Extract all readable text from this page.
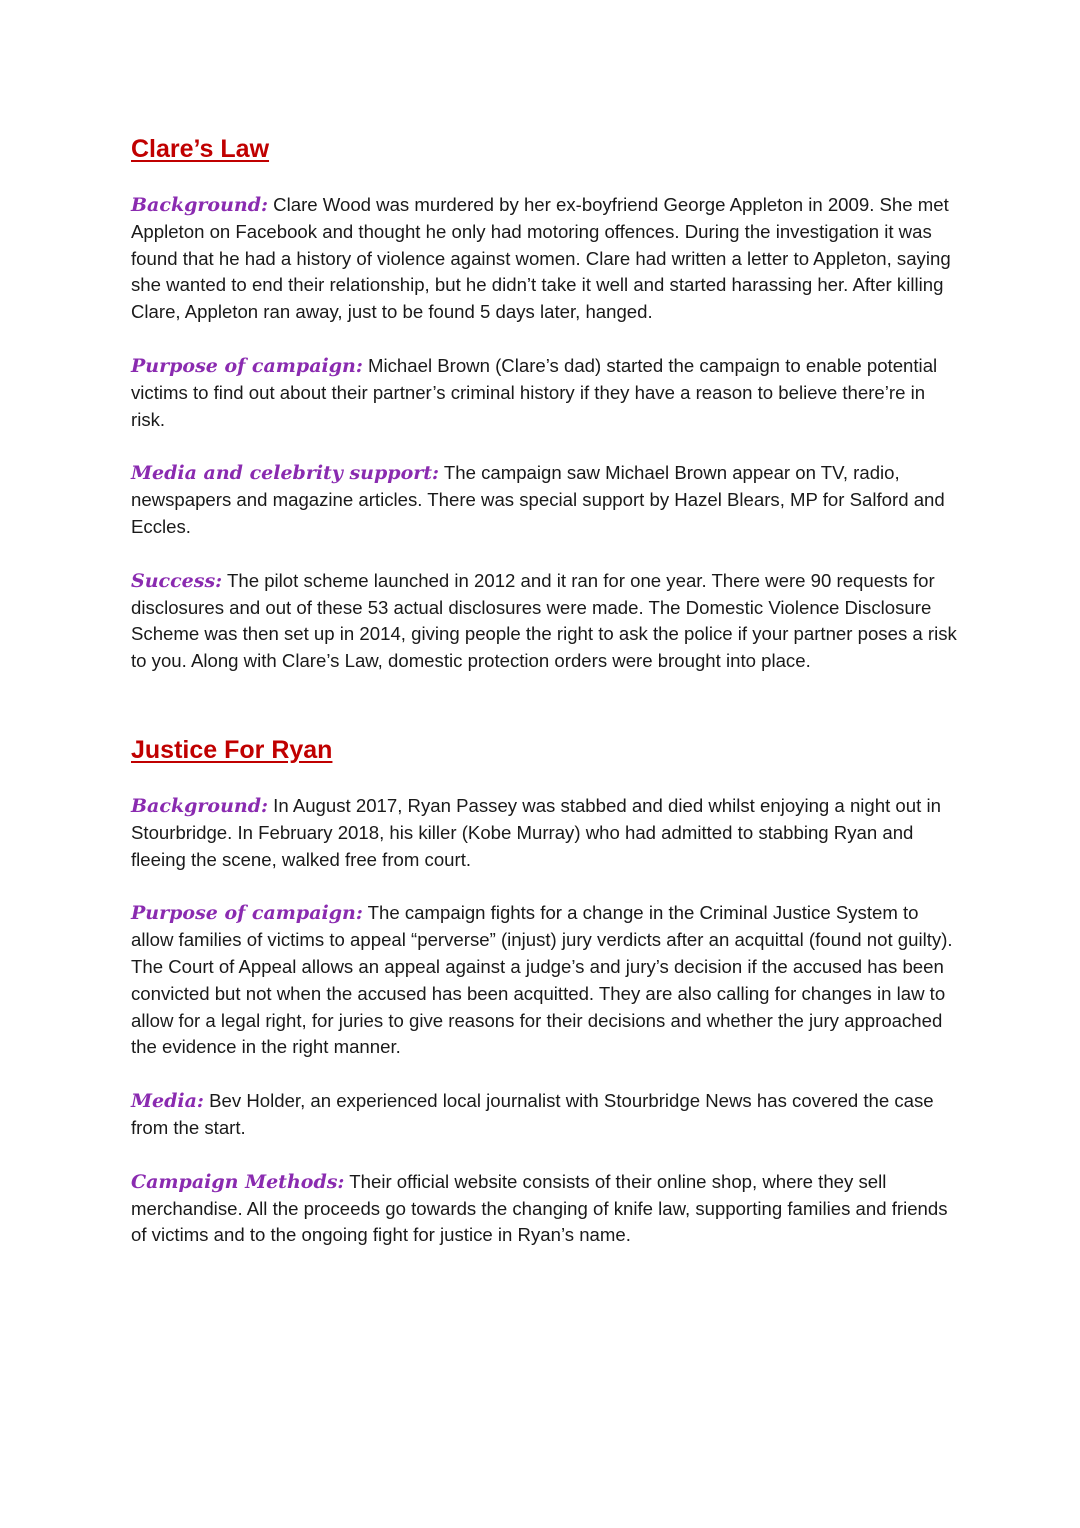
Clare’s Law

Background: Clare Wood was murdered by her ex-boyfriend George Appleton in 2009. She met Appleton on Facebook and thought he only had motoring offences. During the investigation it was found that he had a history of violence against women. Clare had written a letter to Appleton, saying she wanted to end their relationship, but he didn’t take it well and started harassing her. After killing Clare, Appleton ran away, just to be found 5 days later, hanged.

Purpose of campaign: Michael Brown (Clare’s dad) started the campaign to enable potential victims to find out about their partner’s criminal history if they have a reason to believe there’re in risk.

Media and celebrity support: The campaign saw Michael Brown appear on TV, radio, newspapers and magazine articles. There was special support by Hazel Blears, MP for Salford and Eccles.

Success: The pilot scheme launched in 2012 and it ran for one year. There were 90 requests for disclosures and out of these 53 actual disclosures were made. The Domestic Violence Disclosure Scheme was then set up in 2014, giving people the right to ask the police if your partner poses a risk to you. Along with Clare’s Law, domestic protection orders were brought into place.

Justice For Ryan

Background: In August 2017, Ryan Passey was stabbed and died whilst enjoying a night out in Stourbridge. In February 2018, his killer (Kobe Murray) who had admitted to stabbing Ryan and fleeing the scene, walked free from court.

Purpose of campaign: The campaign fights for a change in the Criminal Justice System to allow families of victims to appeal “perverse” (injust) jury verdicts after an acquittal (found not guilty). The Court of Appeal allows an appeal against a judge’s and jury’s decision if the accused has been convicted but not when the accused has been acquitted. They are also calling for changes in law to allow for a legal right, for juries to give reasons for their decisions and whether the jury approached the evidence in the right manner.

Media: Bev Holder, an experienced local journalist with Stourbridge News has covered the case from the start.

Campaign Methods: Their official website consists of their online shop, where they sell merchandise. All the proceeds go towards the changing of knife law, supporting families and friends of victims and to the ongoing fight for justice in Ryan’s name.
